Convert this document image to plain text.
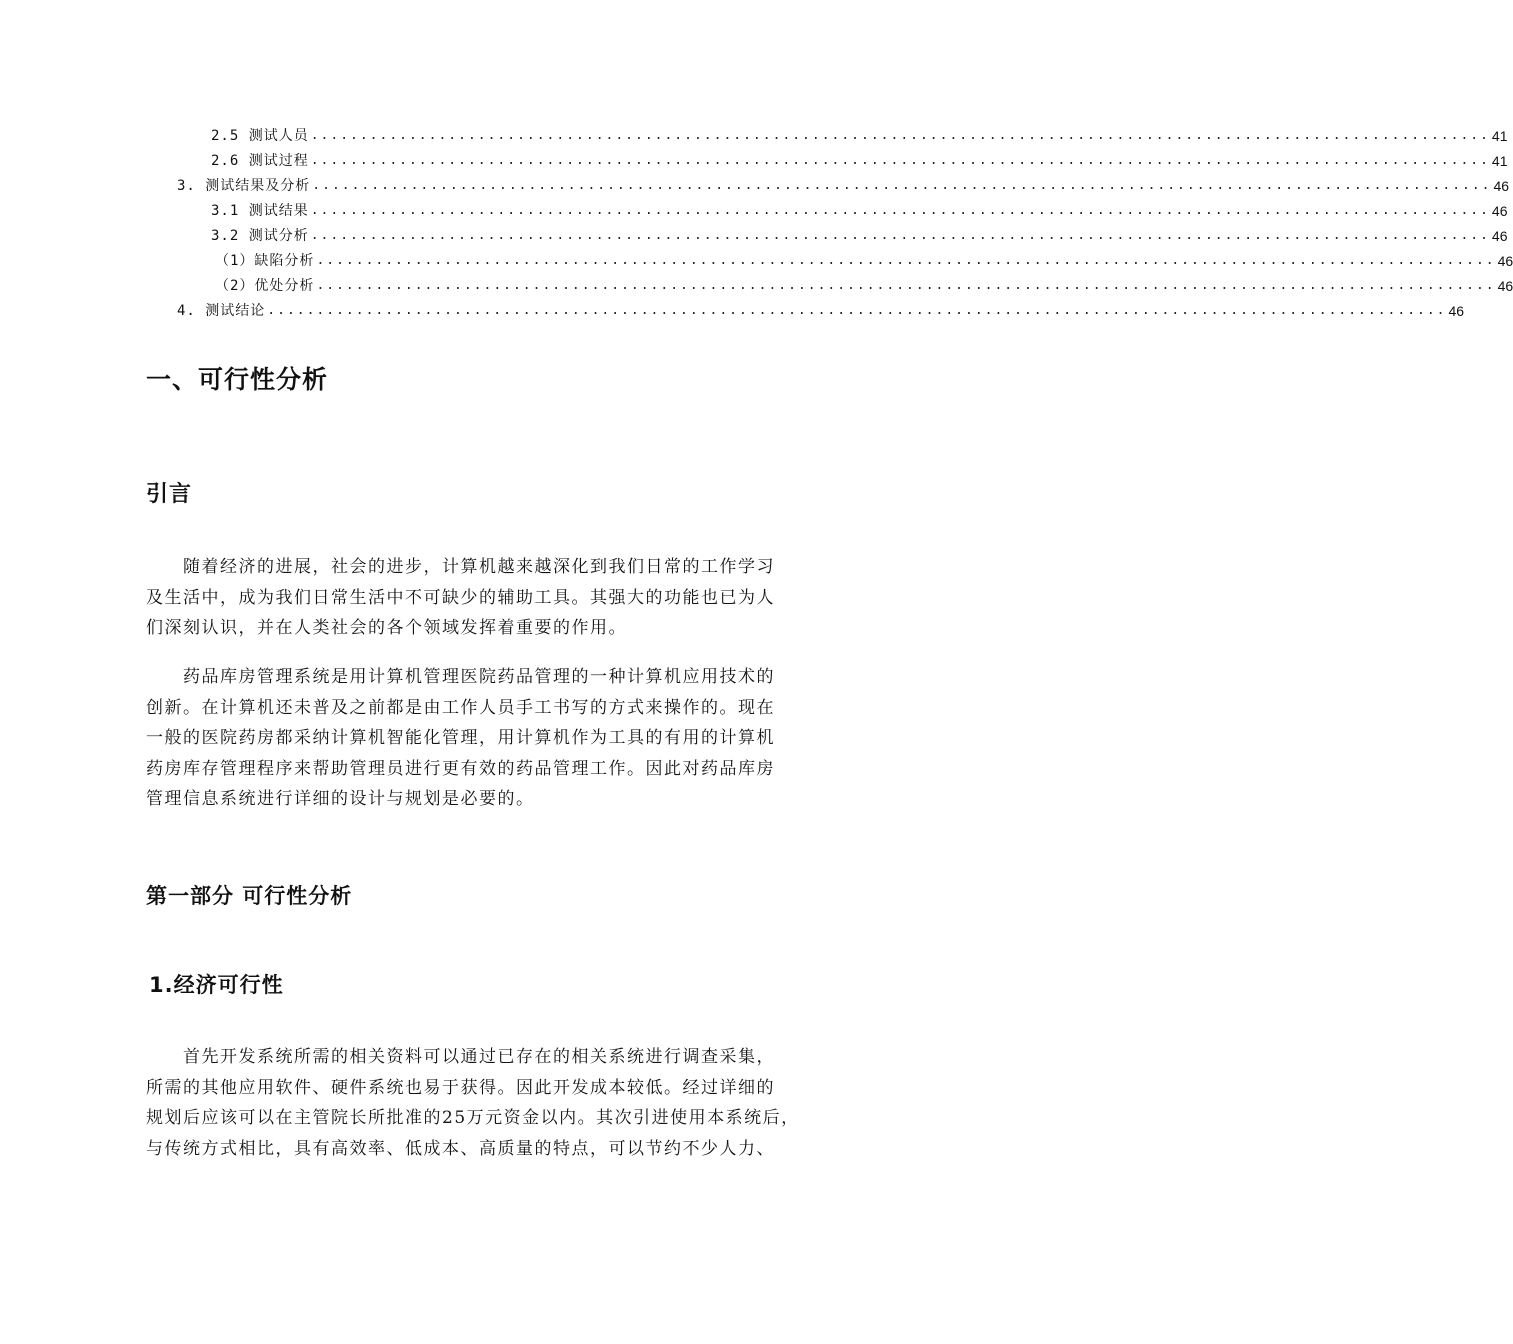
2.5 测试人员 ........................................................................................................................ 41
2.6 测试过程 ........................................................................................................................ 41
3. 测试结果及分析 ........................................................................................................................ 46
3.1 测试结果 ........................................................................................................................ 46
3.2 测试分析 ........................................................................................................................ 46
（1）缺陷分析 ........................................................................................................................ 46
（2）优处分析 ........................................................................................................................ 46
4. 测试结论 ........................................................................................................................ 46
一、可行性分析
引言
随着经济的进展，社会的进步，计算机越来越深化到我们日常的工作学习
及生活中，成为我们日常生活中不可缺少的辅助工具。其强大的功能也已为人
们深刻认识，并在人类社会的各个领域发挥着重要的作用。
药品库房管理系统是用计算机管理医院药品管理的一种计算机应用技术的
创新。在计算机还未普及之前都是由工作人员手工书写的方式来操作的。现在
一般的医院药房都采纳计算机智能化管理，用计算机作为工具的有用的计算机
药房库存管理程序来帮助管理员进行更有效的药品管理工作。因此对药品库房
管理信息系统进行详细的设计与规划是必要的。
第一部分 可行性分析
1.经济可行性
首先开发系统所需的相关资料可以通过已存在的相关系统进行调查采集，
所需的其他应用软件、硬件系统也易于获得。因此开发成本较低。经过详细的
规划后应该可以在主管院长所批准的25万元资金以内。其次引进使用本系统后，
与传统方式相比，具有高效率、低成本、高质量的特点，可以节约不少人力、
